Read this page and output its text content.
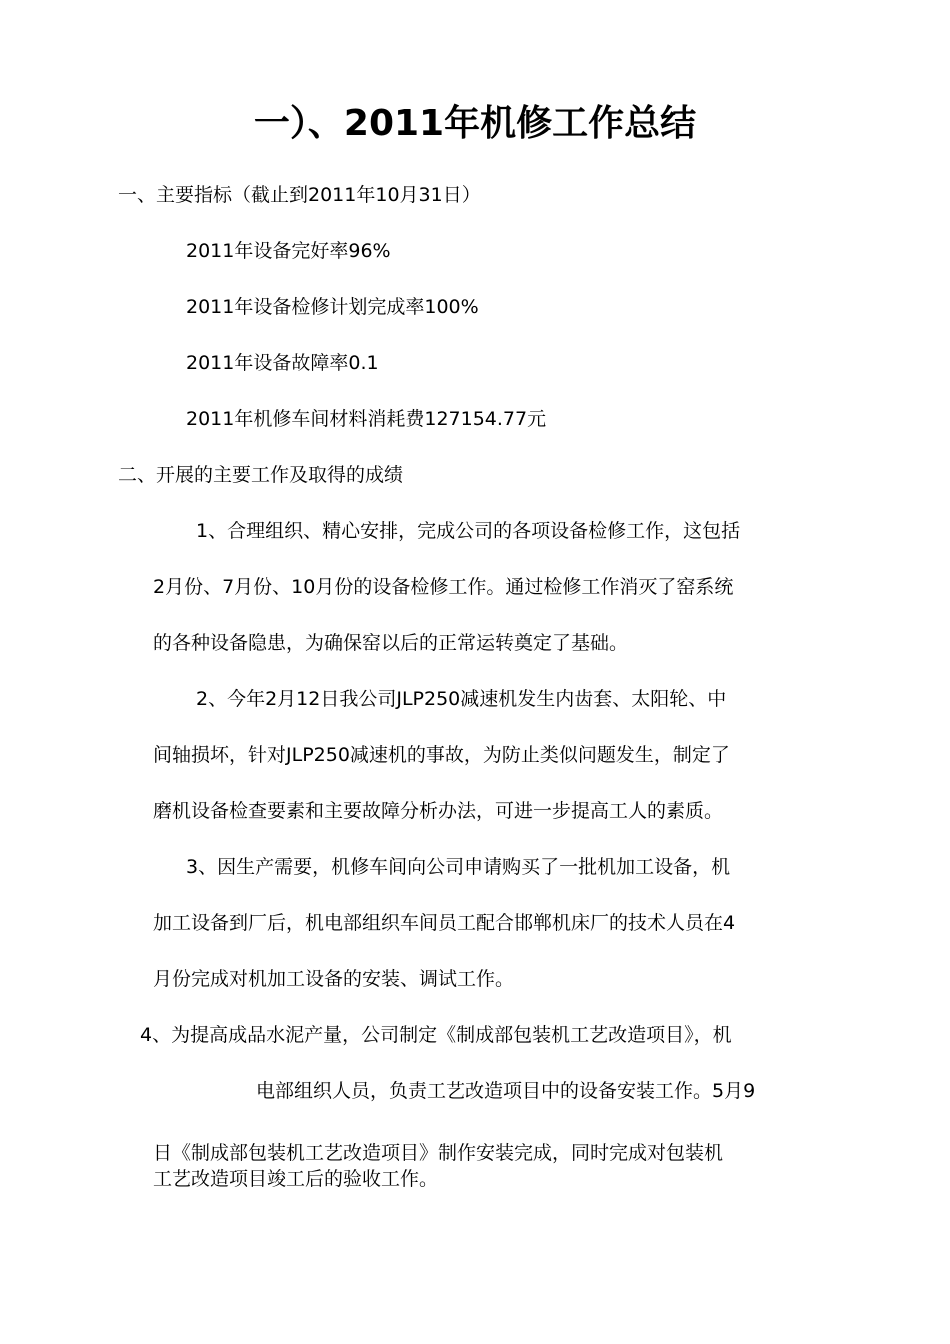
一）、2011年机修工作总结
一、主要指标（截止到2011年10月31日）
2011年设备完好率96%
2011年设备检修计划完成率100%
2011年设备故障率0.1
2011年机修车间材料消耗费127154.77元
二、开展的主要工作及取得的成绩
1、合理组织、精心安排，完成公司的各项设备检修工作，这包括
2月份、7月份、10月份的设备检修工作。通过检修工作消灭了窑系统
的各种设备隐患，为确保窑以后的正常运转奠定了基础。
2、今年2月12日我公司JLP250减速机发生内齿套、太阳轮、中
间轴损坏，针对JLP250减速机的事故，为防止类似问题发生，制定了
磨机设备检查要素和主要故障分析办法，可进一步提高工人的素质。
3、因生产需要，机修车间向公司申请购买了一批机加工设备，机
加工设备到厂后，机电部组织车间员工配合邯郸机床厂的技术人员在4
月份完成对机加工设备的安装、调试工作。
4、为提高成品水泥产量，公司制定《制成部包装机工艺改造项目》，机
电部组织人员，负责工艺改造项目中的设备安装工作。5月9
日《制成部包装机工艺改造项目》制作安装完成，同时完成对包装机
工艺改造项目竣工后的验收工作。
